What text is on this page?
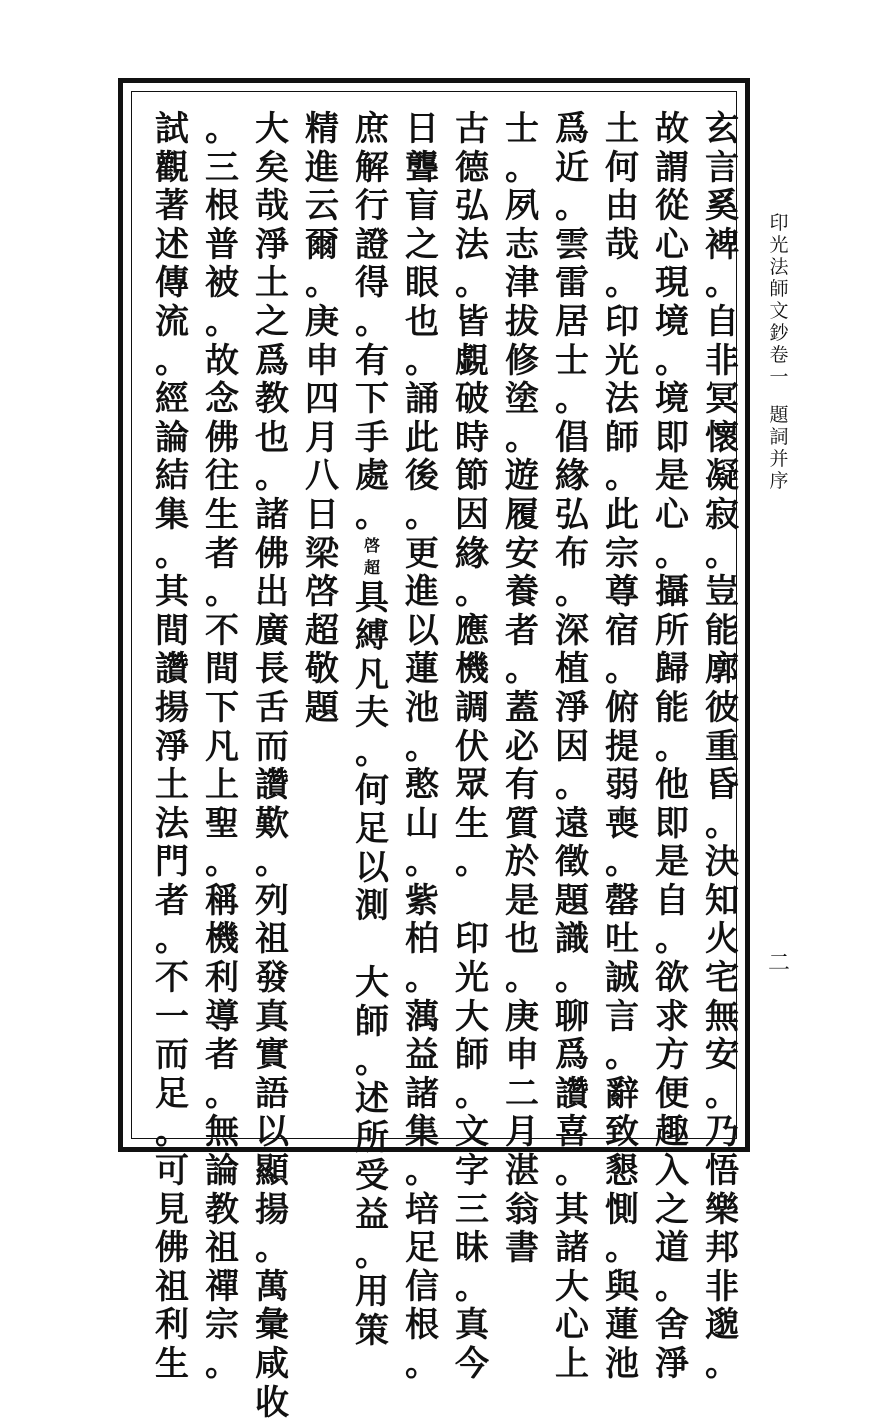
印
光
法
師
文
鈔
卷
一
題
詞
并
序
二
玄
言
奚
裨
。
自
非
冥
懷
凝
寂
。
豈
能
廓
彼
重
昏
。
決
知
火
宅
無
安
。
乃
悟
樂
邦
非
邈
。
故
謂
從
心
現
境
。
境
即
是
心
。
攝
所
歸
能
。
他
即
是
自
。
欲
求
方
便
趣
入
之
道
。
舍
淨
土
何
由
哉
。
印
光
法
師
。
此
宗
尊
宿
。
俯
提
弱
喪
。
罄
吐
誠
言
。
辭
致
懇
惻
。
與
蓮
池
爲
近
。
雲
雷
居
士
。
倡
緣
弘
布
。
深
植
淨
因
。
遠
徵
題
識
。
聊
爲
讚
喜
。
其
諸
大
心
上
士
。
夙
志
津
拔
修
塗
。
遊
履
安
養
者
。
蓋
必
有
質
於
是
也
。
庚
申
二
月
湛
翁
書
古
德
弘
法
。
皆
覷
破
時
節
因
緣
。
應
機
調
伏
眾
生
。

印
光
大
師
。
文
字
三
昧
。
真
今
日
聾
盲
之
眼
也
。
誦
此
後
。
更
進
以
蓮
池
。
憨
山
。
紫
柏
。
蕅
益
諸
集
。
培
足
信
根
。
庶
解
行
證
得
。
有
下
手
處
。
啓
超
具
縛
凡
夫
。
何
足
以
測

大
師
。
述
所
受
益
。
用
策
精
進
云
爾
。
庚
申
四
月
八
日
梁
啓
超
敬
題
大
矣
哉
淨
土
之
爲
教
也
。
諸
佛
出
廣
長
舌
而
讚
歎
。
列
祖
發
真
實
語
以
顯
揚
。
萬
彙
咸
收
。
三
根
普
被
。
故
念
佛
往
生
者
。
不
間
下
凡
上
聖
。
稱
機
利
導
者
。
無
論
教
祖
禪
宗
。
試
觀
著
述
傳
流
。
經
論
結
集
。
其
間
讚
揚
淨
土
法
門
者
。
不
一
而
足
。
可
見
佛
祖
利
生
